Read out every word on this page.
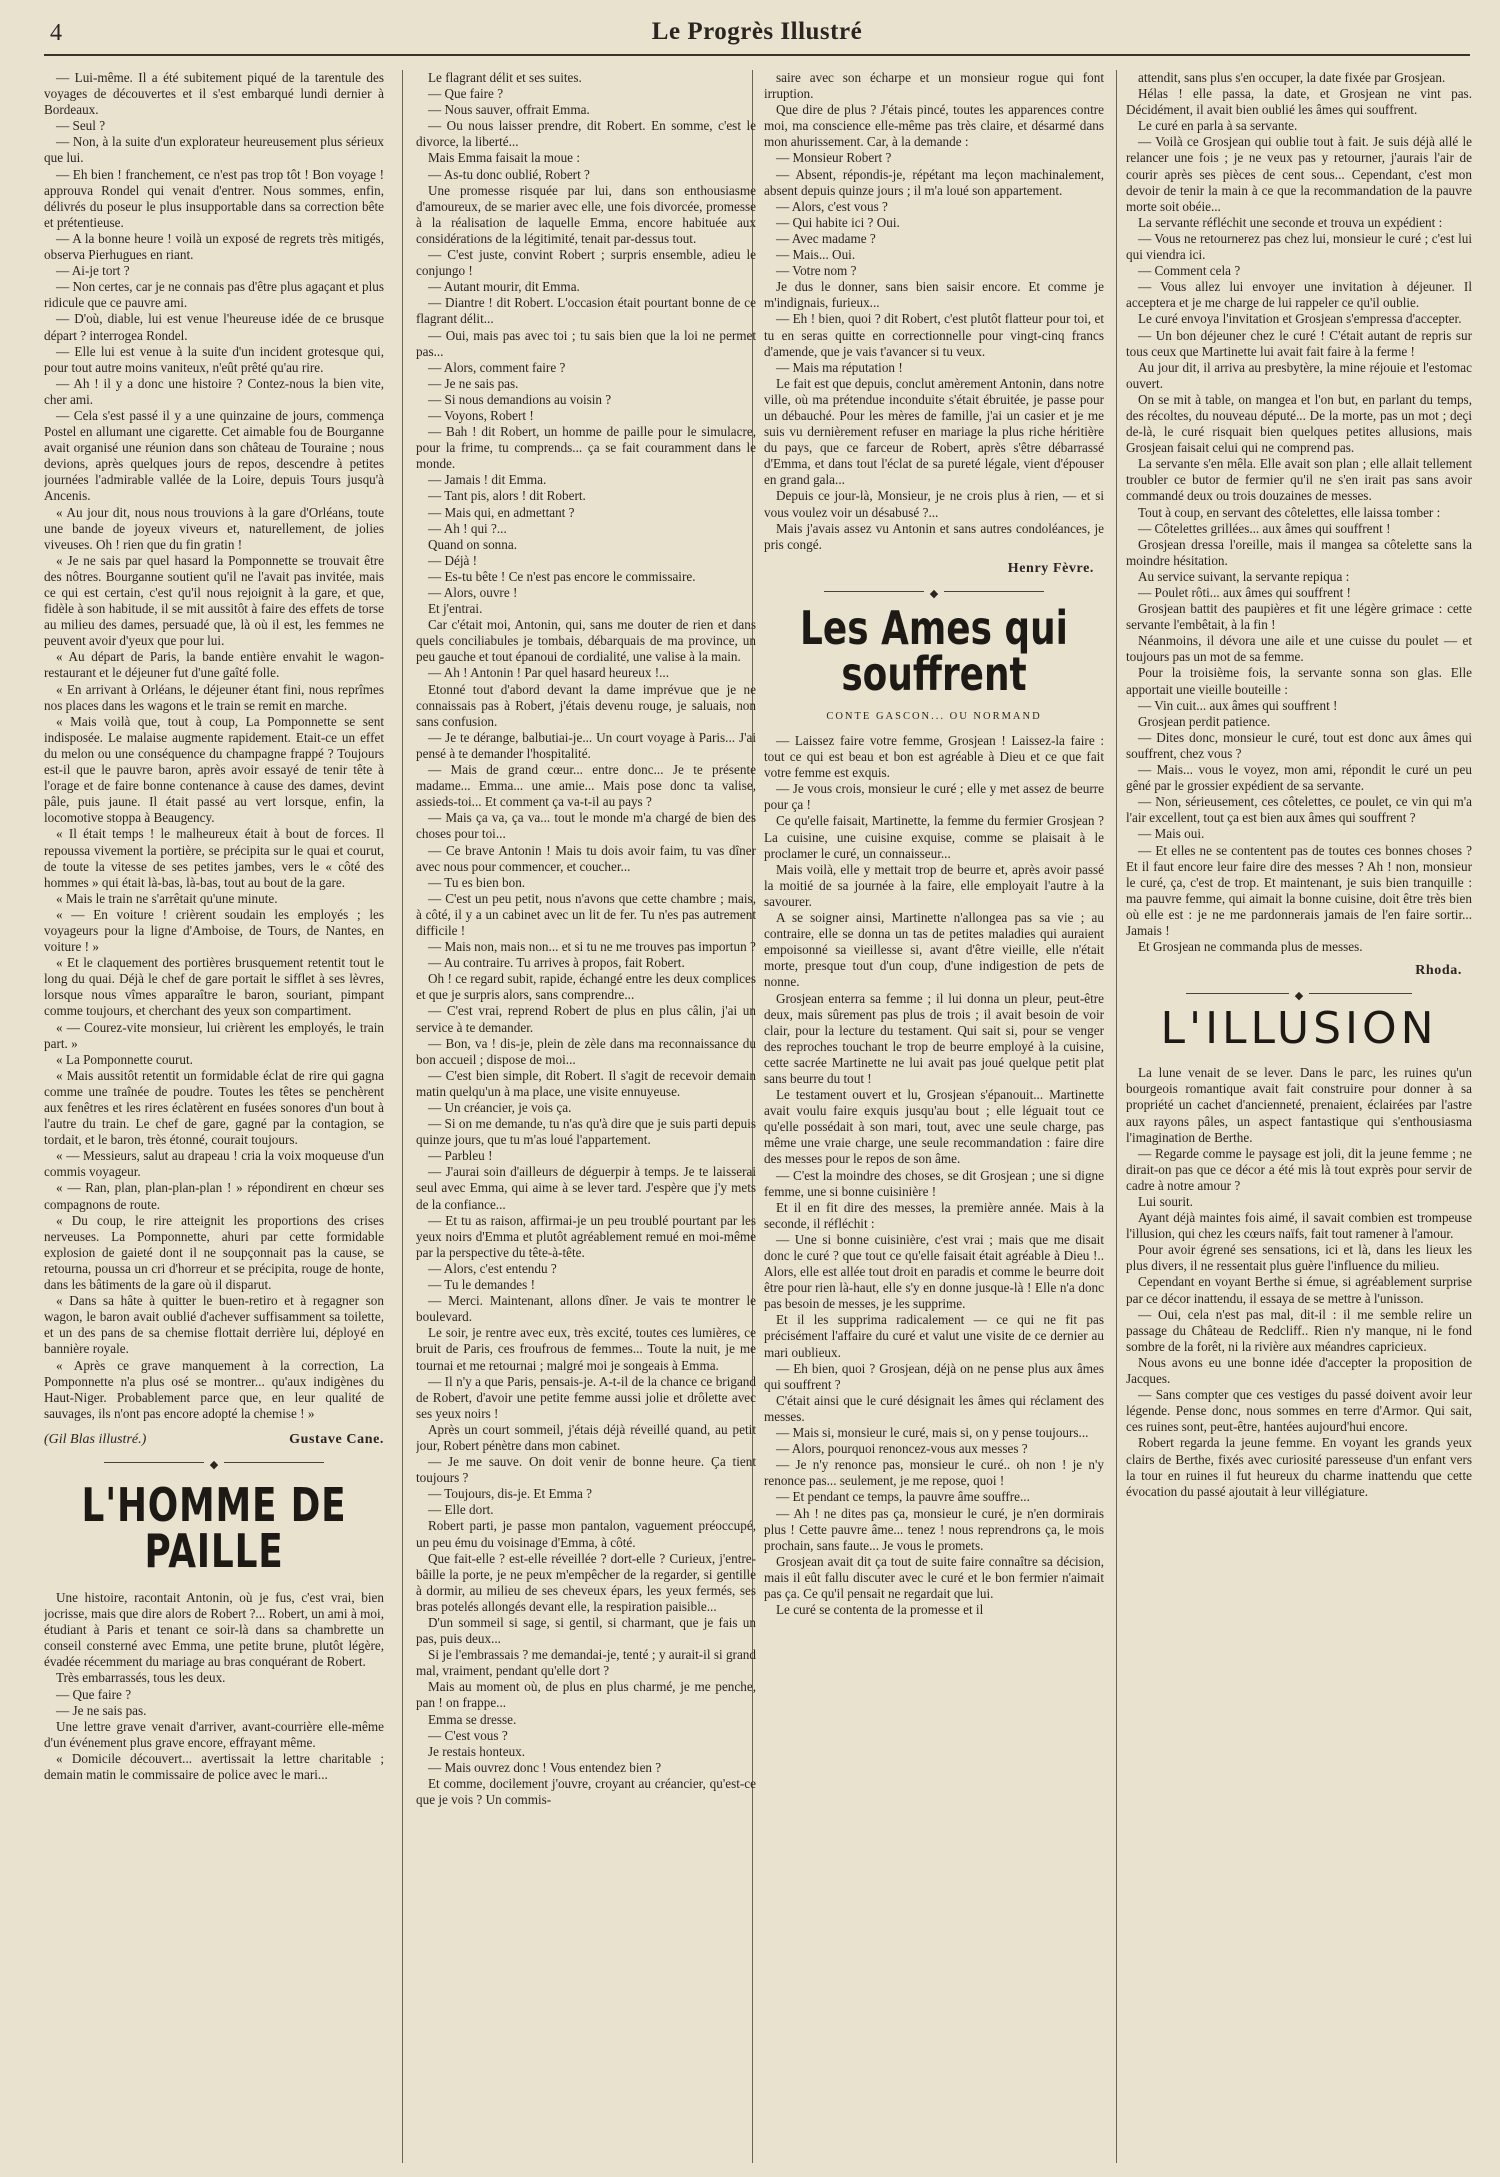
4	Le Progrès Illustré

— Lui-même. Il a été subitement piqué de la tarentule des voyages de découvertes et il s'est embarqué lundi dernier à Bordeaux.

— Seul ?

— Non, à la suite d'un explorateur heureusement plus sérieux que lui.

— Eh bien ! franchement, ce n'est pas trop tôt ! Bon voyage ! approuva Rondel qui venait d'entrer. Nous sommes, enfin, délivrés du poseur le plus insupportable dans sa correction bête et prétentieuse.

— A la bonne heure ! voilà un exposé de regrets très mitigés, observa Pierhugues en riant.

— Ai-je tort ?

— Non certes, car je ne connais pas d'être plus agaçant et plus ridicule que ce pauvre ami.

— D'où, diable, lui est venue l'heureuse idée de ce brusque départ ? interrogea Rondel.

— Elle lui est venue à la suite d'un incident grotesque qui, pour tout autre moins vaniteux, n'eût prêté qu'au rire.

— Ah ! il y a donc une histoire ? Contez-nous la bien vite, cher ami.

— Cela s'est passé il y a une quinzaine de jours, commença Postel en allumant une cigarette. Cet aimable fou de Bourganne avait organisé une réunion dans son château de Touraine ; nous devions, après quelques jours de repos, descendre à petites journées l'admirable vallée de la Loire, depuis Tours jusqu'à Ancenis.

« Au jour dit, nous nous trouvions à la gare d'Orléans, toute une bande de joyeux viveurs et, naturellement, de jolies viveuses. Oh ! rien que du fin gratin !

« Je ne sais par quel hasard la Pomponnette se trouvait être des nôtres. Bourganne soutient qu'il ne l'avait pas invitée, mais ce qui est certain, c'est qu'il nous rejoignit à la gare, et que, fidèle à son habitude, il se mit aussitôt à faire des effets de torse au milieu des dames, persuadé que, là où il est, les femmes ne peuvent avoir d'yeux que pour lui.

« Au départ de Paris, la bande entière envahit le wagon-restaurant et le déjeuner fut d'une gaîté folle.

« En arrivant à Orléans, le déjeuner étant fini, nous reprîmes nos places dans les wagons et le train se remit en marche.

« Mais voilà que, tout à coup, La Pomponnette se sent indisposée. Le malaise augmente rapidement. Etait-ce un effet du melon ou une conséquence du champagne frappé ? Toujours est-il que le pauvre baron, après avoir essayé de tenir tête à l'orage et de faire bonne contenance à cause des dames, devint pâle, puis jaune. Il était passé au vert lorsque, enfin, la locomotive stoppa à Beaugency.

« Il était temps ! le malheureux était à bout de forces. Il repoussa vivement la portière, se précipita sur le quai et courut, de toute la vitesse de ses petites jambes, vers le « côté des hommes » qui était là-bas, là-bas, tout au bout de la gare.

« Mais le train ne s'arrêtait qu'une minute.

« — En voiture ! crièrent soudain les employés ; les voyageurs pour la ligne d'Amboise, de Tours, de Nantes, en voiture ! »

« Et le claquement des portières brusquement retentit tout le long du quai. Déjà le chef de gare portait le sifflet à ses lèvres, lorsque nous vîmes apparaître le baron, souriant, pimpant comme toujours, et cherchant des yeux son compartiment.

« — Courez-vite monsieur, lui crièrent les employés, le train part. »

« La Pomponnette courut.

« Mais aussitôt retentit un formidable éclat de rire qui gagna comme une traînée de poudre. Toutes les têtes se penchèrent aux fenêtres et les rires éclatèrent en fusées sonores d'un bout à l'autre du train. Le chef de gare, gagné par la contagion, se tordait, et le baron, très étonné, courait toujours.

« — Messieurs, salut au drapeau ! cria la voix moqueuse d'un commis voyageur.

« — Ran, plan, plan-plan-plan ! » répondirent en chœur ses compagnons de route.

« Du coup, le rire atteignit les proportions des crises nerveuses. La Pomponnette, ahuri par cette formidable explosion de gaieté dont il ne soupçonnait pas la cause, se retourna, poussa un cri d'horreur et se précipita, rouge de honte, dans les bâtiments de la gare où il disparut.

« Dans sa hâte à quitter le buen-retiro et à regagner son wagon, le baron avait oublié d'achever suffisamment sa toilette, et un des pans de sa chemise flottait derrière lui, déployé en bannière royale.

« Après ce grave manquement à la correction, La Pomponnette n'a plus osé se montrer... qu'aux indigènes du Haut-Niger. Probablement parce que, en leur qualité de sauvages, ils n'ont pas encore adopté la chemise ! »

(Gil Blas illustré.)	Gustave Cane.
◆
L'HOMME DE PAILLE

Une histoire, racontait Antonin, où je fus, c'est vrai, bien jocrisse, mais que dire alors de Robert ?... Robert, un ami à moi, étudiant à Paris et tenant ce soir-là dans sa chambrette un conseil consterné avec Emma, une petite brune, plutôt légère, évadée récemment du mariage au bras conquérant de Robert.

Très embarrassés, tous les deux.

— Que faire ?

— Je ne sais pas.

Une lettre grave venait d'arriver, avant-courrière elle-même d'un événement plus grave encore, effrayant même.

« Domicile découvert... avertissait la lettre charitable ; demain matin le commissaire de police avec le mari...

Le flagrant délit et ses suites.

— Que faire ?

— Nous sauver, offrait Emma.

— Ou nous laisser prendre, dit Robert. En somme, c'est le divorce, la liberté...

Mais Emma faisait la moue :

— As-tu donc oublié, Robert ?

Une promesse risquée par lui, dans son enthousiasme d'amoureux, de se marier avec elle, une fois divorcée, promesse à la réalisation de laquelle Emma, encore habituée aux considérations de la légitimité, tenait par-dessus tout.

— C'est juste, convint Robert ; surpris ensemble, adieu le conjungo !

— Autant mourir, dit Emma.

— Diantre ! dit Robert. L'occasion était pourtant bonne de ce flagrant délit...

— Oui, mais pas avec toi ; tu sais bien que la loi ne permet pas...

— Alors, comment faire ?

— Je ne sais pas.

— Si nous demandions au voisin ?

— Voyons, Robert !

— Bah ! dit Robert, un homme de paille pour le simulacre, pour la frime, tu comprends... ça se fait couramment dans le monde.

— Jamais ! dit Emma.

— Tant pis, alors ! dit Robert.

— Mais qui, en admettant ?

— Ah ! qui ?...

Quand on sonna.

— Déjà !

— Es-tu bête ! Ce n'est pas encore le commissaire.

— Alors, ouvre !

Et j'entrai.

Car c'était moi, Antonin, qui, sans me douter de rien et dans quels conciliabules je tombais, débarquais de ma province, un peu gauche et tout épanoui de cordialité, une valise à la main.

— Ah ! Antonin ! Par quel hasard heureux !...

Etonné tout d'abord devant la dame imprévue que je ne connaissais pas à Robert, j'étais devenu rouge, je saluais, non sans confusion.

— Je te dérange, balbutiai-je... Un court voyage à Paris... J'ai pensé à te demander l'hospitalité.

— Mais de grand cœur... entre donc... Je te présente madame... Emma... une amie... Mais pose donc ta valise, assieds-toi... Et comment ça va-t-il au pays ?

— Mais ça va, ça va... tout le monde m'a chargé de bien des choses pour toi...

— Ce brave Antonin ! Mais tu dois avoir faim, tu vas dîner avec nous pour commencer, et coucher...

— Tu es bien bon.

— C'est un peu petit, nous n'avons que cette chambre ; mais, à côté, il y a un cabinet avec un lit de fer. Tu n'es pas autrement difficile !

— Mais non, mais non... et si tu ne me trouves pas importun ?

— Au contraire. Tu arrives à propos, fait Robert.

Oh ! ce regard subit, rapide, échangé entre les deux complices et que je surpris alors, sans comprendre...

— C'est vrai, reprend Robert de plus en plus câlin, j'ai un service à te demander.

— Bon, va ! dis-je, plein de zèle dans ma reconnaissance du bon accueil ; dispose de moi...

— C'est bien simple, dit Robert. Il s'agit de recevoir demain matin quelqu'un à ma place, une visite ennuyeuse.

— Un créancier, je vois ça.

— Si on me demande, tu n'as qu'à dire que je suis parti depuis quinze jours, que tu m'as loué l'appartement.

— Parbleu !

— J'aurai soin d'ailleurs de déguerpir à temps. Je te laisserai seul avec Emma, qui aime à se lever tard. J'espère que j'y mets de la confiance...

— Et tu as raison, affirmai-je un peu troublé pourtant par les yeux noirs d'Emma et plutôt agréablement remué en moi-même par la perspective du tête-à-tête.

— Alors, c'est entendu ?

— Tu le demandes !

— Merci. Maintenant, allons dîner. Je vais te montrer le boulevard.

Le soir, je rentre avec eux, très excité, toutes ces lumières, ce bruit de Paris, ces froufrous de femmes... Toute la nuit, je me tournai et me retournai ; malgré moi je songeais à Emma.

— Il n'y a que Paris, pensais-je. A-t-il de la chance ce brigand de Robert, d'avoir une petite femme aussi jolie et drôlette avec ses yeux noirs !

Après un court sommeil, j'étais déjà réveillé quand, au petit jour, Robert pénètre dans mon cabinet.

— Je me sauve. On doit venir de bonne heure. Ça tient toujours ?

— Toujours, dis-je. Et Emma ?

— Elle dort.

Robert parti, je passe mon pantalon, vaguement préoccupé, un peu ému du voisinage d'Emma, à côté.

Que fait-elle ? est-elle réveillée ? dort-elle ? Curieux, j'entre-bâille la porte, je ne peux m'empêcher de la regarder, si gentille à dormir, au milieu de ses cheveux épars, les yeux fermés, ses bras potelés allongés devant elle, la respiration paisible...

D'un sommeil si sage, si gentil, si charmant, que je fais un pas, puis deux...

Si je l'embrassais ? me demandai-je, tenté ; y aurait-il si grand mal, vraiment, pendant qu'elle dort ?

Mais au moment où, de plus en plus charmé, je me penche, pan ! on frappe...

Emma se dresse.

— C'est vous ?

Je restais honteux.

— Mais ouvrez donc ! Vous entendez bien ?

Et comme, docilement j'ouvre, croyant au créancier, qu'est-ce que je vois ? Un commis-

saire avec son écharpe et un monsieur rogue qui font irruption.

Que dire de plus ? J'étais pincé, toutes les apparences contre moi, ma conscience elle-même pas très claire, et désarmé dans mon ahurissement. Car, à la demande :

— Monsieur Robert ?

— Absent, répondis-je, répétant ma leçon machinalement, absent depuis quinze jours ; il m'a loué son appartement.

— Alors, c'est vous ?

— Qui habite ici ? Oui.

— Avec madame ?

— Mais... Oui.

— Votre nom ?

Je dus le donner, sans bien saisir encore. Et comme je m'indignais, furieux...

— Eh ! bien, quoi ? dit Robert, c'est plutôt flatteur pour toi, et tu en seras quitte en correctionnelle pour vingt-cinq francs d'amende, que je vais t'avancer si tu veux.

— Mais ma réputation !

Le fait est que depuis, conclut amèrement Antonin, dans notre ville, où ma prétendue inconduite s'était ébruitée, je passe pour un débauché. Pour les mères de famille, j'ai un casier et je me suis vu dernièrement refuser en mariage la plus riche héritière du pays, que ce farceur de Robert, après s'être débarrassé d'Emma, et dans tout l'éclat de sa pureté légale, vient d'épouser en grand gala...

Depuis ce jour-là, Monsieur, je ne crois plus à rien, — et si vous voulez voir un désabusé ?...

Mais j'avais assez vu Antonin et sans autres condoléances, je pris congé.

Henry Fèvre.
◆
Les Ames qui souffrent
CONTE GASCON... OU NORMAND

— Laissez faire votre femme, Grosjean ! Laissez-la faire : tout ce qui est beau et bon est agréable à Dieu et ce que fait votre femme est exquis.

— Je vous crois, monsieur le curé ; elle y met assez de beurre pour ça !

Ce qu'elle faisait, Martinette, la femme du fermier Grosjean ? La cuisine, une cuisine exquise, comme se plaisait à le proclamer le curé, un connaisseur...

Mais voilà, elle y mettait trop de beurre et, après avoir passé la moitié de sa journée à la faire, elle employait l'autre à la savourer.

A se soigner ainsi, Martinette n'allongea pas sa vie ; au contraire, elle se donna un tas de petites maladies qui auraient empoisonné sa vieillesse si, avant d'être vieille, elle n'était morte, presque tout d'un coup, d'une indigestion de pets de nonne.

Grosjean enterra sa femme ; il lui donna un pleur, peut-être deux, mais sûrement pas plus de trois ; il avait besoin de voir clair, pour la lecture du testament. Qui sait si, pour se venger des reproches touchant le trop de beurre employé à la cuisine, cette sacrée Martinette ne lui avait pas joué quelque petit plat sans beurre du tout !

Le testament ouvert et lu, Grosjean s'épanouit... Martinette avait voulu faire exquis jusqu'au bout ; elle léguait tout ce qu'elle possédait à son mari, tout, avec une seule charge, pas même une vraie charge, une seule recommandation : faire dire des messes pour le repos de son âme.

— C'est la moindre des choses, se dit Grosjean ; une si digne femme, une si bonne cuisinière !

Et il en fit dire des messes, la première année. Mais à la seconde, il réfléchit :

— Une si bonne cuisinière, c'est vrai ; mais que me disait donc le curé ? que tout ce qu'elle faisait était agréable à Dieu !.. Alors, elle est allée tout droit en paradis et comme le beurre doit être pour rien là-haut, elle s'y en donne jusque-là ! Elle n'a donc pas besoin de messes, je les supprime.

Et il les supprima radicalement — ce qui ne fit pas précisément l'affaire du curé et valut une visite de ce dernier au mari oublieux.

— Eh bien, quoi ? Grosjean, déjà on ne pense plus aux âmes qui souffrent ?

C'était ainsi que le curé désignait les âmes qui réclament des messes.

— Mais si, monsieur le curé, mais si, on y pense toujours...

— Alors, pourquoi renoncez-vous aux messes ?

— Je n'y renonce pas, monsieur le curé.. oh non ! je n'y renonce pas... seulement, je me repose, quoi !

— Et pendant ce temps, la pauvre âme souffre...

— Ah ! ne dites pas ça, monsieur le curé, je n'en dormirais plus ! Cette pauvre âme... tenez ! nous reprendrons ça, le mois prochain, sans faute... Je vous le promets.

Grosjean avait dit ça tout de suite faire connaître sa décision, mais il eût fallu discuter avec le curé et le bon fermier n'aimait pas ça. Ce qu'il pensait ne regardait que lui.

Le curé se contenta de la promesse et il

attendit, sans plus s'en occuper, la date fixée par Grosjean.

Hélas ! elle passa, la date, et Grosjean ne vint pas. Décidément, il avait bien oublié les âmes qui souffrent.

Le curé en parla à sa servante.

— Voilà ce Grosjean qui oublie tout à fait. Je suis déjà allé le relancer une fois ; je ne veux pas y retourner, j'aurais l'air de courir après ses pièces de cent sous... Cependant, c'est mon devoir de tenir la main à ce que la recommandation de la pauvre morte soit obéie...

La servante réfléchit une seconde et trouva un expédient :

— Vous ne retournerez pas chez lui, monsieur le curé ; c'est lui qui viendra ici.

— Comment cela ?

— Vous allez lui envoyer une invitation à déjeuner. Il acceptera et je me charge de lui rappeler ce qu'il oublie.

Le curé envoya l'invitation et Grosjean s'empressa d'accepter.

— Un bon déjeuner chez le curé ! C'était autant de repris sur tous ceux que Martinette lui avait fait faire à la ferme !

Au jour dit, il arriva au presbytère, la mine réjouie et l'estomac ouvert.

On se mit à table, on mangea et l'on but, en parlant du temps, des récoltes, du nouveau député... De la morte, pas un mot ; deçi de-là, le curé risquait bien quelques petites allusions, mais Grosjean faisait celui qui ne comprend pas.

La servante s'en mêla. Elle avait son plan ; elle allait tellement troubler ce butor de fermier qu'il ne s'en irait pas sans avoir commandé deux ou trois douzaines de messes.

Tout à coup, en servant des côtelettes, elle laissa tomber :

— Côtelettes grillées... aux âmes qui souffrent !

Grosjean dressa l'oreille, mais il mangea sa côtelette sans la moindre hésitation.

Au service suivant, la servante repiqua :

— Poulet rôti... aux âmes qui souffrent !

Grosjean battit des paupières et fit une légère grimace : cette servante l'embêtait, à la fin !

Néanmoins, il dévora une aile et une cuisse du poulet — et toujours pas un mot de sa femme.

Pour la troisième fois, la servante sonna son glas. Elle apportait une vieille bouteille :

— Vin cuit... aux âmes qui souffrent !

Grosjean perdit patience.

— Dites donc, monsieur le curé, tout est donc aux âmes qui souffrent, chez vous ?

— Mais... vous le voyez, mon ami, répondit le curé un peu gêné par le grossier expédient de sa servante.

— Non, sérieusement, ces côtelettes, ce poulet, ce vin qui m'a l'air excellent, tout ça est bien aux âmes qui souffrent ?

— Mais oui.

— Et elles ne se contentent pas de toutes ces bonnes choses ? Et il faut encore leur faire dire des messes ? Ah ! non, monsieur le curé, ça, c'est de trop. Et maintenant, je suis bien tranquille : ma pauvre femme, qui aimait la bonne cuisine, doit être très bien où elle est : je ne me pardonnerais jamais de l'en faire sortir... Jamais !

Et Grosjean ne commanda plus de messes.

Rhoda.
◆
L'ILLUSION

La lune venait de se lever. Dans le parc, les ruines qu'un bourgeois romantique avait fait construire pour donner à sa propriété un cachet d'ancienneté, prenaient, éclairées par l'astre aux rayons pâles, un aspect fantastique qui s'enthousiasma l'imagination de Berthe.

— Regarde comme le paysage est joli, dit la jeune femme ; ne dirait-on pas que ce décor a été mis là tout exprès pour servir de cadre à notre amour ?

Lui sourit.

Ayant déjà maintes fois aimé, il savait combien est trompeuse l'illusion, qui chez les cœurs naïfs, fait tout ramener à l'amour.

Pour avoir égrené ses sensations, ici et là, dans les lieux les plus divers, il ne ressentait plus guère l'influence du milieu.

Cependant en voyant Berthe si émue, si agréablement surprise par ce décor inattendu, il essaya de se mettre à l'unisson.

— Oui, cela n'est pas mal, dit-il : il me semble relire un passage du Château de Redcliff.. Rien n'y manque, ni le fond sombre de la forêt, ni la rivière aux méandres capricieux.

Nous avons eu une bonne idée d'accepter la proposition de Jacques.

— Sans compter que ces vestiges du passé doivent avoir leur légende. Pense donc, nous sommes en terre d'Armor. Qui sait, ces ruines sont, peut-être, hantées aujourd'hui encore.

Robert regarda la jeune femme. En voyant les grands yeux clairs de Berthe, fixés avec curiosité paresseuse d'un enfant vers la tour en ruines il fut heureux du charme inattendu que cette évocation du passé ajoutait à leur villégiature.
